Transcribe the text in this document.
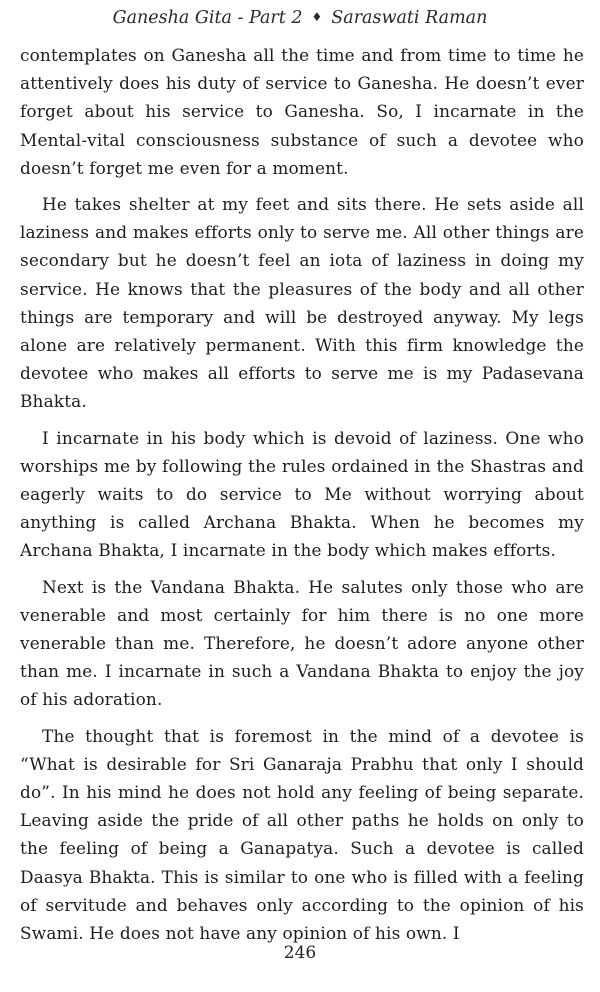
Ganesha Gita - Part 2 ♦ Saraswati Raman

contemplates on Ganesha all the time and from time to time he attentively does his duty of service to Ganesha. He doesn’t ever forget about his service to Ganesha. So, I incarnate in the Mental-vital consciousness substance of such a devotee who doesn’t forget me even for a moment.

He takes shelter at my feet and sits there. He sets aside all laziness and makes efforts only to serve me. All other things are secondary but he doesn’t feel an iota of laziness in doing my service. He knows that the pleasures of the body and all other things are temporary and will be destroyed anyway. My legs alone are relatively permanent. With this firm knowledge the devotee who makes all efforts to serve me is my Padasevana Bhakta.

I incarnate in his body which is devoid of laziness. One who worships me by following the rules ordained in the Shastras and eagerly waits to do service to Me without worrying about anything is called Archana Bhakta. When he becomes my Archana Bhakta, I incarnate in the body which makes efforts.

Next is the Vandana Bhakta. He salutes only those who are venerable and most certainly for him there is no one more venerable than me. Therefore, he doesn’t adore anyone other than me. I incarnate in such a Vandana Bhakta to enjoy the joy of his adoration.

The thought that is foremost in the mind of a devotee is “What is desirable for Sri Ganaraja Prabhu that only I should do”. In his mind he does not hold any feeling of being separate. Leaving aside the pride of all other paths he holds on only to the feeling of being a Ganapatya. Such a devotee is called Daasya Bhakta. This is similar to one who is filled with a feeling of servitude and behaves only according to the opinion of his Swami. He does not have any opinion of his own. I

246
